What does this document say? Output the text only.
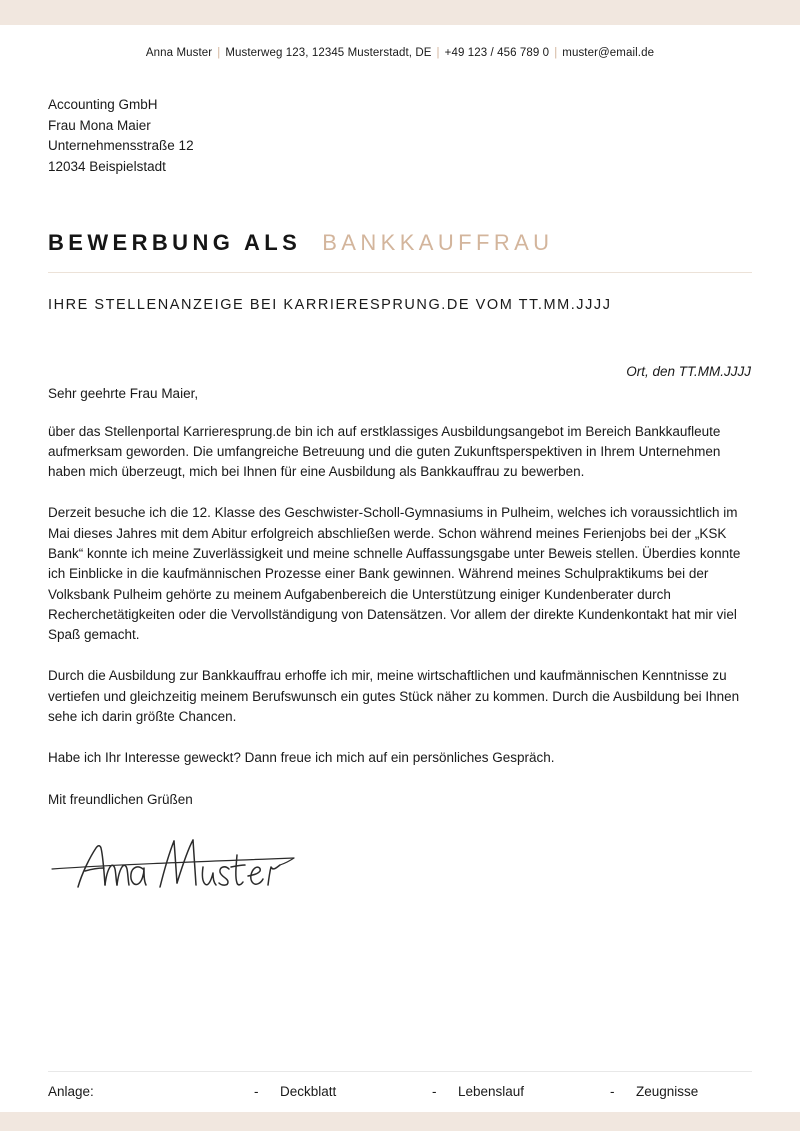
Anna Muster | Musterweg 123, 12345 Musterstadt, DE | +49 123 / 456 789 0 | muster@email.de
Accounting GmbH
Frau Mona Maier
Unternehmensstraße 12
12034 Beispielstadt
BEWERBUNG ALS BANKKAUFFRAU
IHRE STELLENANZEIGE BEI KARRIERESPRUNG.DE VOM TT.MM.JJJJ
Ort, den TT.MM.JJJJ
Sehr geehrte Frau Maier,

über das Stellenportal Karrieresprung.de bin ich auf erstklassiges Ausbildungsangebot im Bereich Bankkaufleute aufmerksam geworden. Die umfangreiche Betreuung und die guten Zukunftsperspektiven in Ihrem Unternehmen haben mich überzeugt, mich bei Ihnen für eine Ausbildung als Bankkauffrau zu bewerben.

Derzeit besuche ich die 12. Klasse des Geschwister-Scholl-Gymnasiums in Pulheim, welches ich voraussichtlich im Mai dieses Jahres mit dem Abitur erfolgreich abschließen werde. Schon während meines Ferienjobs bei der „KSK Bank“ konnte ich meine Zuverlässigkeit und meine schnelle Auffassungsgabe unter Beweis stellen. Überdies konnte ich Einblicke in die kaufmännischen Prozesse einer Bank gewinnen. Während meines Schulpraktikums bei der Volksbank Pulheim gehörte zu meinem Aufgabenbereich die Unterstützung einiger Kundenberater durch Recherchetätigkeiten oder die Vervollständigung von Datensätzen. Vor allem der direkte Kundenkontakt hat mir viel Spaß gemacht.

Durch die Ausbildung zur Bankkauffrau erhoffe ich mir, meine wirtschaftlichen und kaufmännischen Kenntnisse zu vertiefen und gleichzeitig meinem Berufswunsch ein gutes Stück näher zu kommen. Durch die Ausbildung bei Ihnen sehe ich darin größte Chancen.

Habe ich Ihr Interesse geweckt? Dann freue ich mich auf ein persönliches Gespräch.

Mit freundlichen Grüßen
Anlage:	-	Deckblatt	-	Lebenslauf	-	Zeugnisse
